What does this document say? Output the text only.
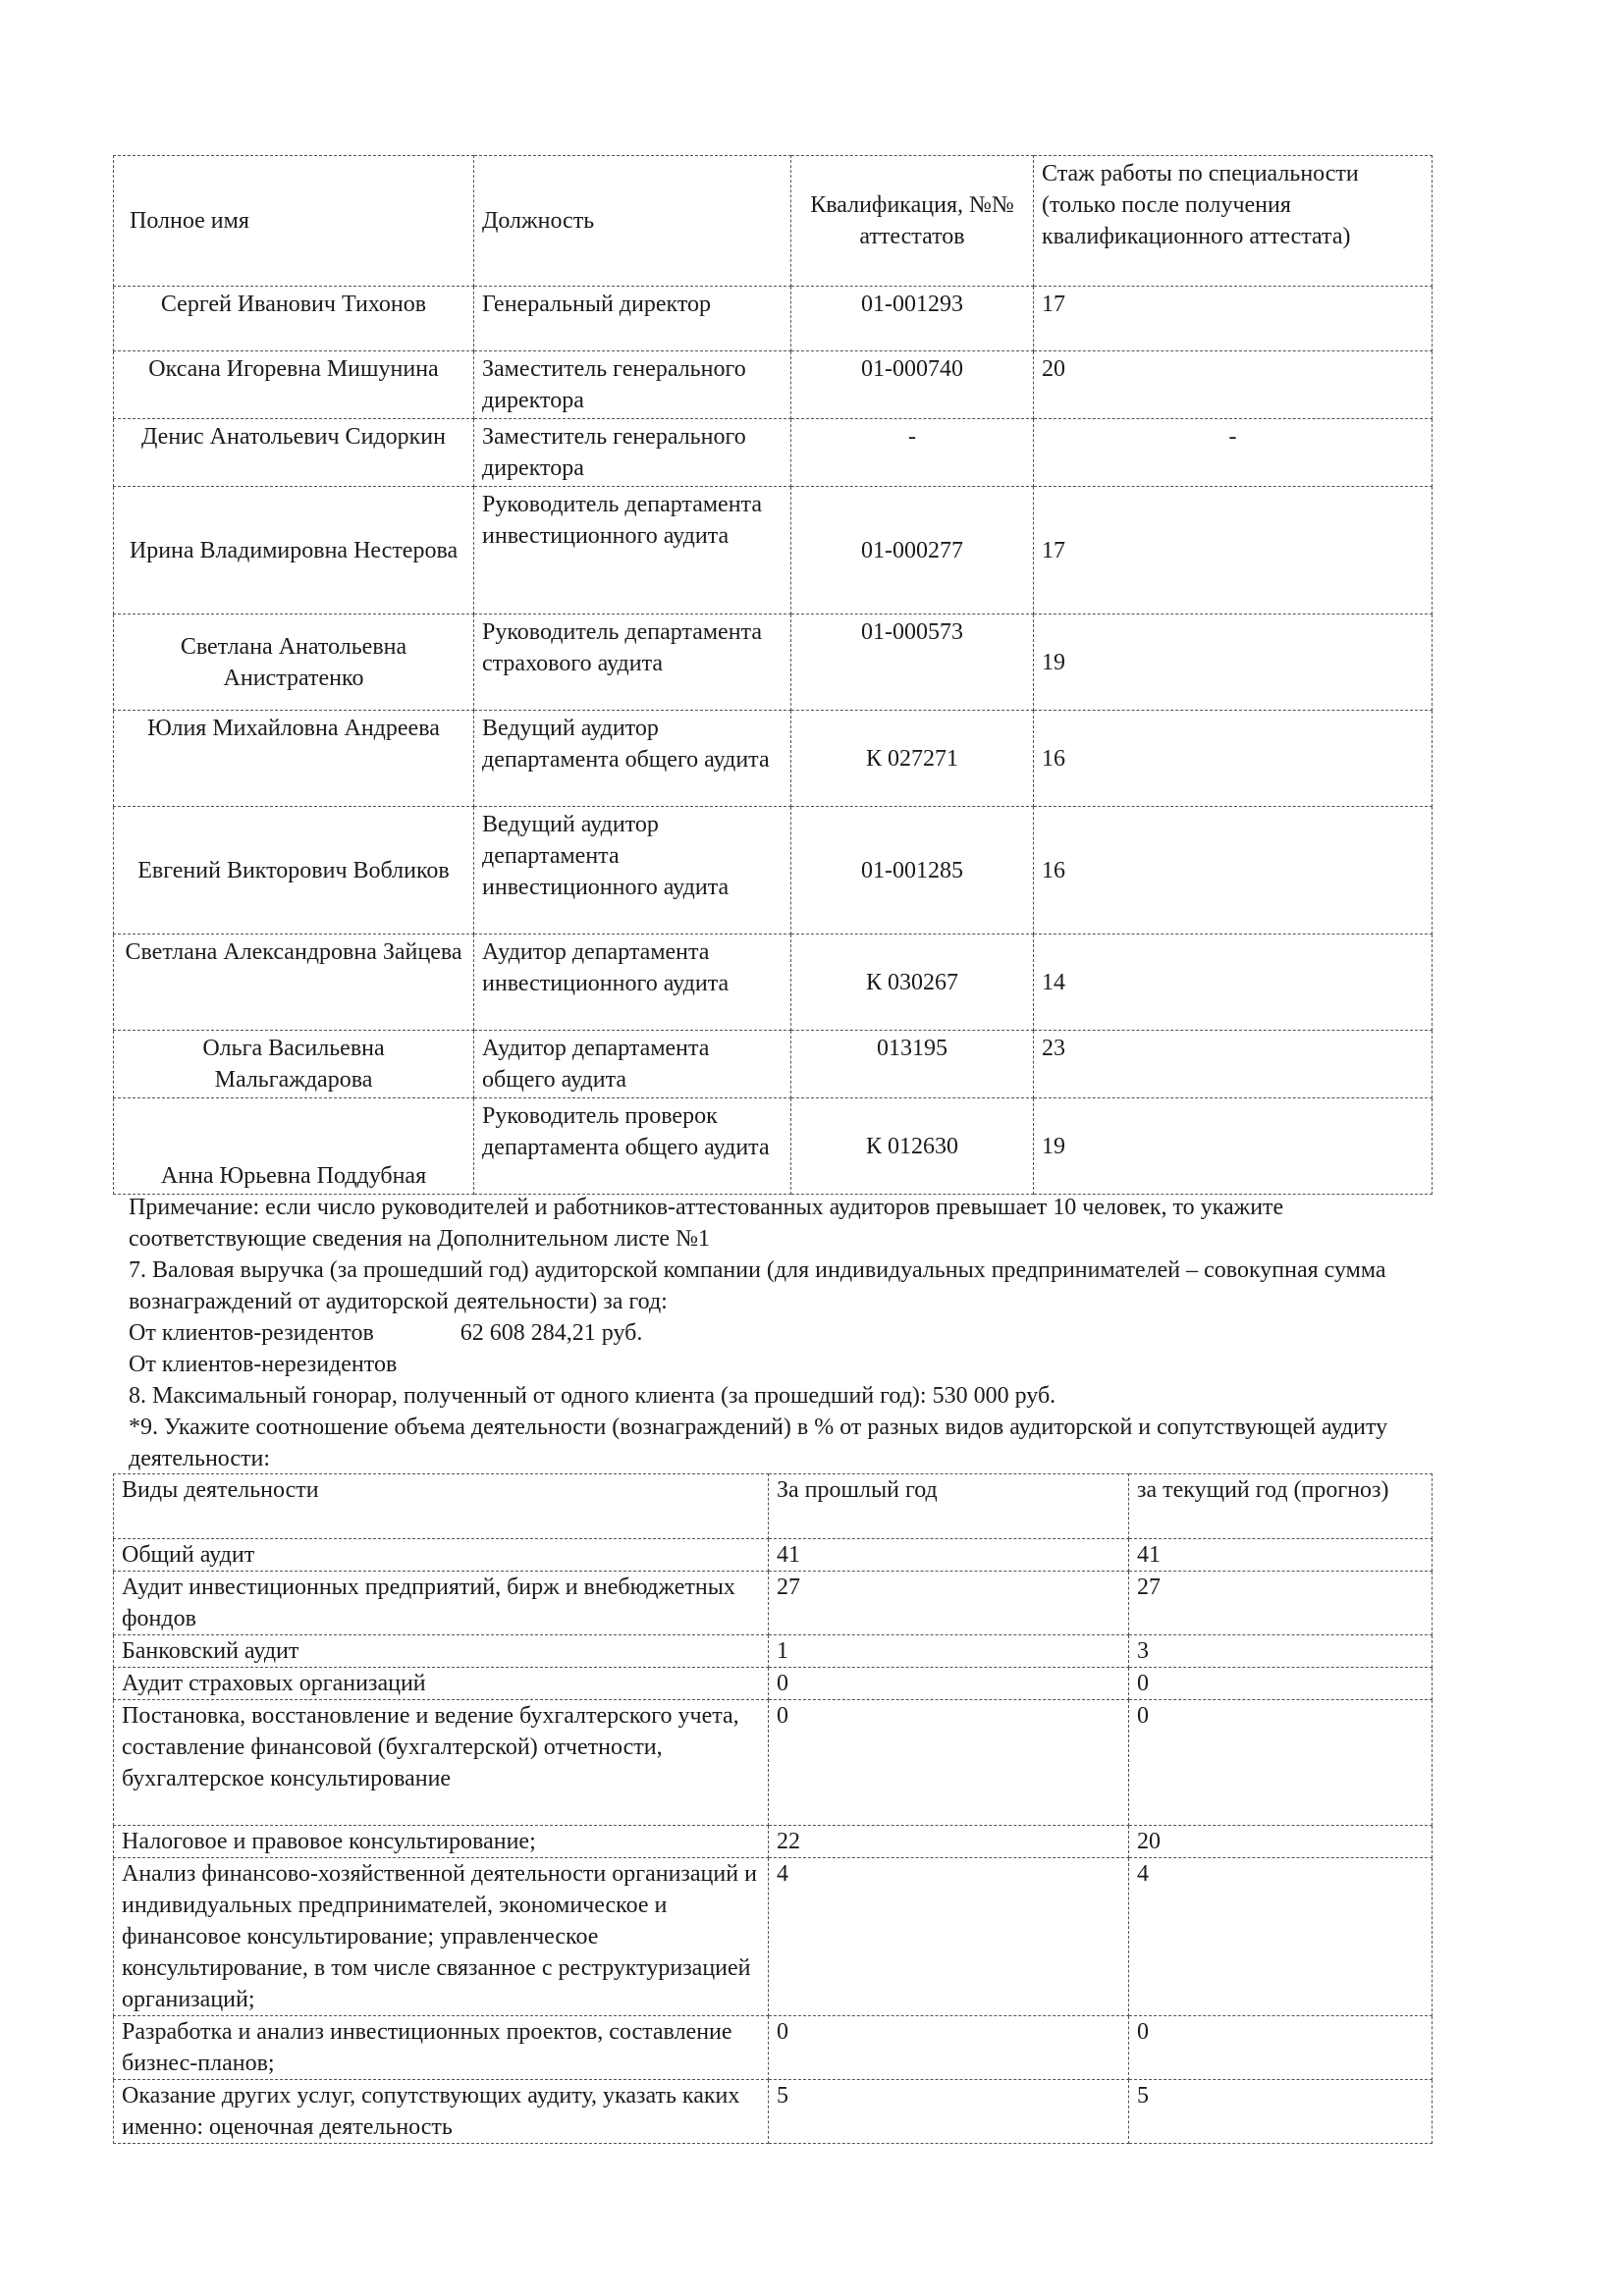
Полное имя	Должность	Квалификация, №№ аттестатов	Стаж работы по специальности (только после получения квалификационного аттестата)
Сергей Иванович Тихонов	Генеральный директор	01-001293	17
Оксана Игоревна Мишунина	Заместитель генерального директора	01-000740	20
Денис Анатольевич Сидоркин	Заместитель генерального директора	-	-
Ирина Владимировна Нестерова	Руководитель департамента инвестиционного аудита	01-000277	17
Светлана Анатольевна Анистратенко	Руководитель департамента страхового аудита	01-000573	19
Юлия Михайловна Андреева	Ведущий аудитор департамента общего аудита	К 027271	16
Евгений Викторович Вобликов	Ведущий аудитор департамента инвестиционного аудита	01-001285	16
Светлана Александровна Зайцева	Аудитор департамента инвестиционного аудита	К 030267	14
Ольга Васильевна Мальгаждарова	Аудитор департамента общего аудита	013195	23
Анна Юрьевна Поддубная	Руководитель проверок департамента общего аудита	К 012630	19

Примечание: если число руководителей и работников-аттестованных аудиторов превышает 10 человек, то укажите соответствующие сведения на Дополнительном листе №1

7. Валовая выручка (за прошедший год) аудиторской компании (для индивидуальных предпринимателей – совокупная сумма вознаграждений от аудиторской деятельности) за год:

От клиентов-резидентов	62 608 284,21 руб.

От клиентов-нерезидентов

8. Максимальный гонорар, полученный от одного клиента (за прошедший год): 530 000 руб.

*9. Укажите соотношение объема деятельности (вознаграждений) в % от разных видов аудиторской и сопутствующей аудиту деятельности:

Виды деятельности	За прошлый год	за текущий год (прогноз)
Общий аудит	41	41
Аудит инвестиционных предприятий, бирж и внебюджетных фондов	27	27
Банковский аудит	1	3
Аудит страховых организаций	0	0
Постановка, восстановление и ведение бухгалтерского учета, составление финансовой (бухгалтерской) отчетности, бухгалтерское консультирование	0	0
Налоговое и правовое консультирование;	22	20
Анализ финансово-хозяйственной деятельности организаций и индивидуальных предпринимателей, экономическое и финансовое консультирование; управленческое консультирование, в том числе связанное с реструктуризацией организаций;	4	4
Разработка и анализ инвестиционных проектов, составление бизнес-планов;	0	0
Оказание других услуг, сопутствующих аудиту, указать каких именно: оценочная деятельность	5	5
